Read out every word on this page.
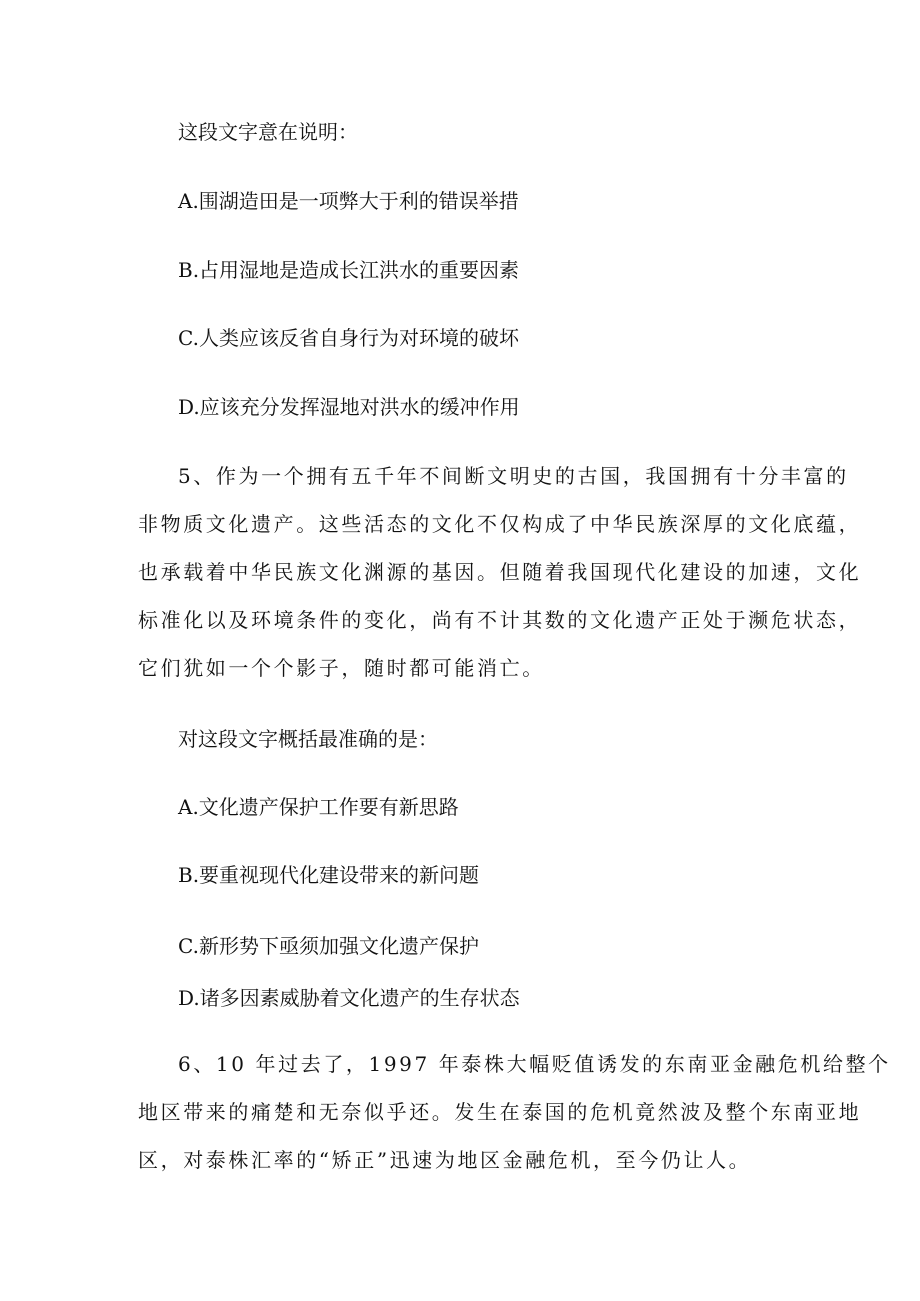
这段文字意在说明：

A.围湖造田是一项弊大于利的错误举措

B.占用湿地是造成长江洪水的重要因素

C.人类应该反省自身行为对环境的破坏

D.应该充分发挥湿地对洪水的缓冲作用

5、作为一个拥有五千年不间断文明史的古国，我国拥有十分丰富的

非物质文化遗产。这些活态的文化不仅构成了中华民族深厚的文化底蕴，

也承载着中华民族文化渊源的基因。但随着我国现代化建设的加速，文化

标准化以及环境条件的变化，尚有不计其数的文化遗产正处于濒危状态，

它们犹如一个个影子，随时都可能消亡。

对这段文字概括最准确的是：

A.文化遗产保护工作要有新思路

B.要重视现代化建设带来的新问题

C.新形势下亟须加强文化遗产保护

D.诸多因素威胁着文化遗产的生存状态

6、10 年过去了，1997 年泰株大幅贬值诱发的东南亚金融危机给整个

地区带来的痛楚和无奈似乎还。发生在泰国的危机竟然波及整个东南亚地

区，对泰株汇率的“矫正”迅速为地区金融危机，至今仍让人。
